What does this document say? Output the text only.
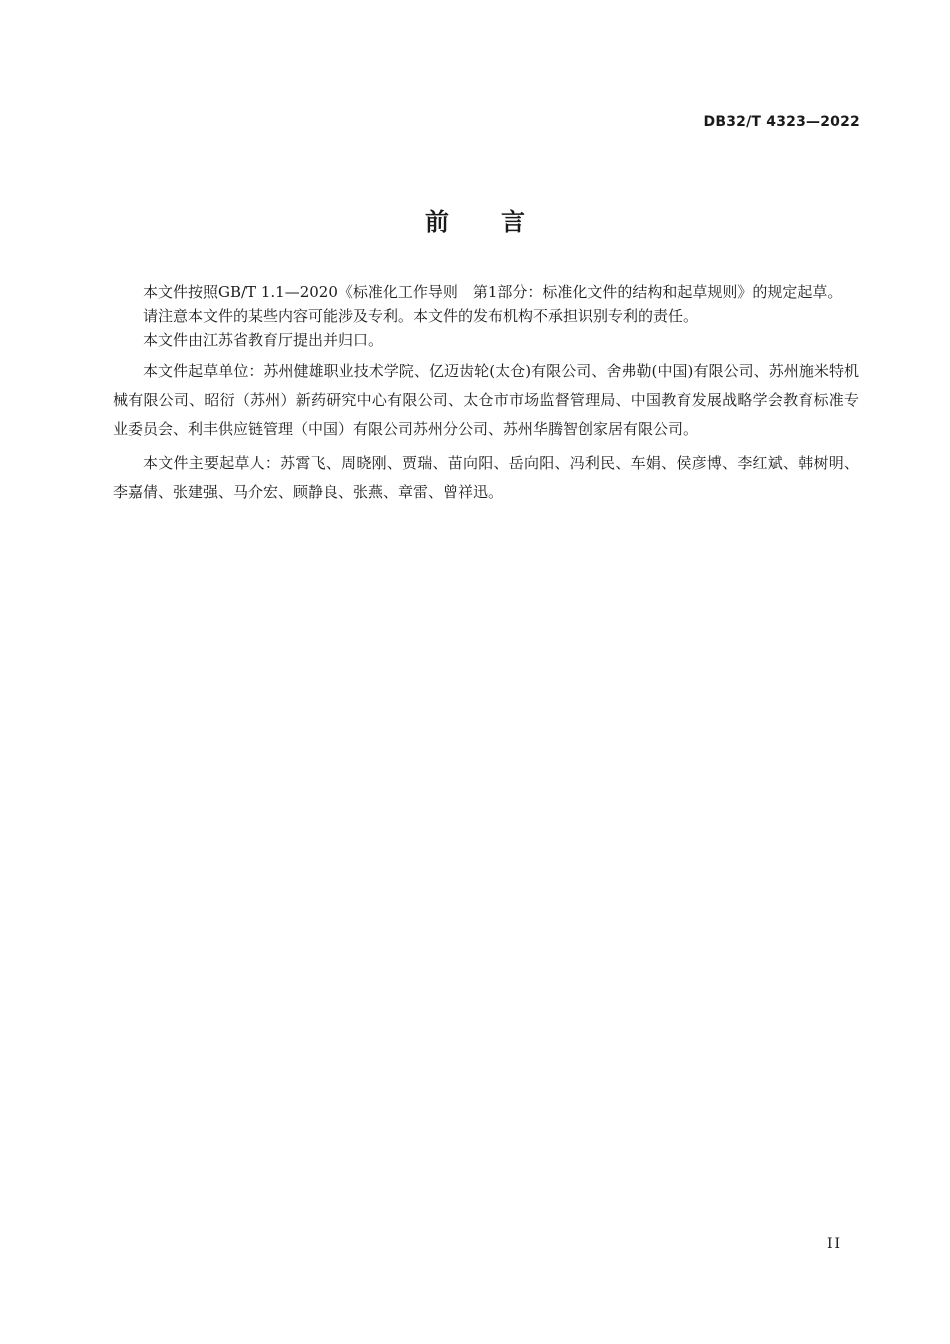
DB32/T 4323—2022
前言

本文件按照GB/T 1.1—2020《标准化工作导则　第1部分：标准化文件的结构和起草规则》的规定起草。

请注意本文件的某些内容可能涉及专利。本文件的发布机构不承担识别专利的责任。

本文件由江苏省教育厅提出并归口。

本文件起草单位：苏州健雄职业技术学院、亿迈齿轮(太仓)有限公司、舍弗勒(中国)有限公司、苏州施米特机械有限公司、昭衍（苏州）新药研究中心有限公司、太仓市市场监督管理局、中国教育发展战略学会教育标准专业委员会、利丰供应链管理（中国）有限公司苏州分公司、苏州华腾智创家居有限公司。

本文件主要起草人：苏霄飞、周晓刚、贾瑞、苗向阳、岳向阳、冯利民、车娟、侯彦博、李红斌、韩树明、李嘉倩、张建强、马介宏、顾静良、张燕、章雷、曾祥迅。

II
